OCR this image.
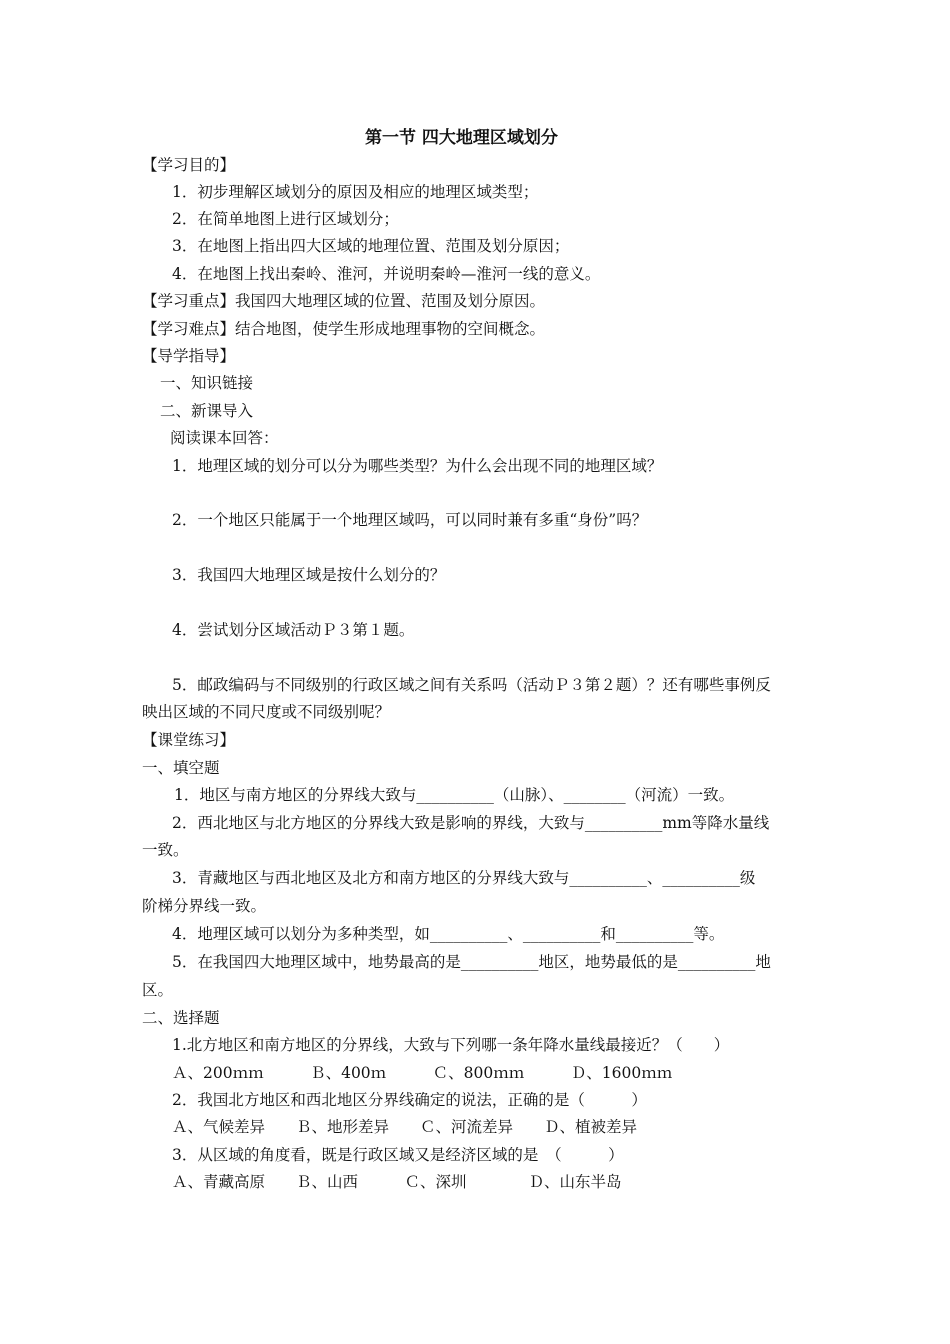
第一节 四大地理区域划分
【学习目的】
1．初步理解区域划分的原因及相应的地理区域类型；
2．在简单地图上进行区域划分；
3．在地图上指出四大区域的地理位置、范围及划分原因；
4．在地图上找出秦岭、淮河，并说明秦岭—淮河一线的意义。
【学习重点】我国四大地理区域的位置、范围及划分原因。
【学习难点】结合地图，使学生形成地理事物的空间概念。
【导学指导】
一、知识链接
二、新课导入
阅读课本回答：
1．地理区域的划分可以分为哪些类型？为什么会出现不同的地理区域？
2．一个地区只能属于一个地理区域吗，可以同时兼有多重“身份”吗？
3．我国四大地理区域是按什么划分的？
4．尝试划分区域活动Ｐ３第１题。
5．邮政编码与不同级别的行政区域之间有关系吗（活动Ｐ３第２题）？还有哪些事例反
映出区域的不同尺度或不同级别呢？
【课堂练习】
一、填空题
1．地区与南方地区的分界线大致与__________（山脉）、________（河流）一致。
2．西北地区与北方地区的分界线大致是影响的界线，大致与__________mm等降水量线
一致。
3．青藏地区与西北地区及北方和南方地区的分界线大致与__________、__________级
阶梯分界线一致。
4．地理区域可以划分为多种类型，如__________、__________和__________等。
5．在我国四大地理区域中，地势最高的是__________地区，地势最低的是__________地
区。
二、选择题
1.北方地区和南方地区的分界线，大致与下列哪一条年降水量线最接近？（　　）
Ａ、200ｍｍ　　　Ｂ、400ｍ　　　Ｃ、800ｍｍ　　　Ｄ、1600ｍｍ
2．我国北方地区和西北地区分界线确定的说法，正确的是（　　　）
Ａ、气候差异　　Ｂ、地形差异　　Ｃ、河流差异　　Ｄ、植被差异
3．从区域的角度看，既是行政区域又是经济区域的是　（　　　）
Ａ、青藏高原　　Ｂ、山西　　　Ｃ、深圳　　　　Ｄ、山东半岛
